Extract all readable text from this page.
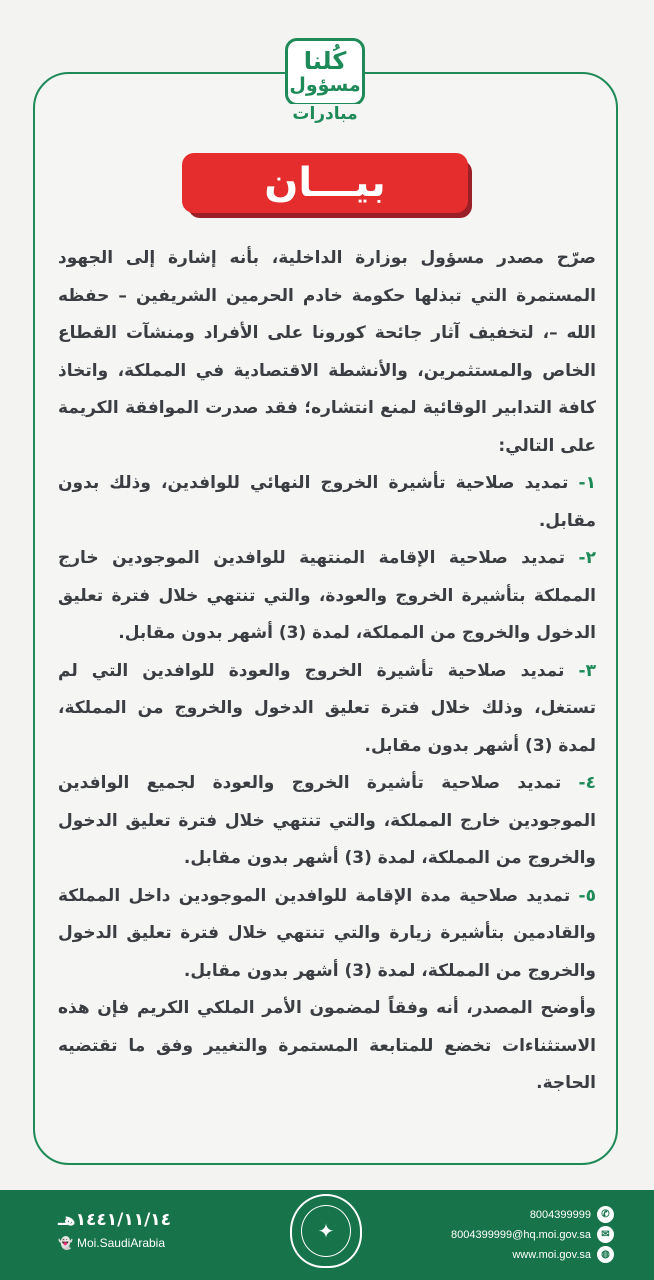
كُلنا
مسؤول
مبادرات
بيـــان

صرّح مصدر مسؤول بوزارة الداخلية، بأنه إشارة إلى الجهود المستمرة التي تبذلها حكومة خادم الحرمين الشريفين – حفظه الله –، لتخفيف آثار جائحة كورونا على الأفراد ومنشآت القطاع الخاص والمستثمرين، والأنشطة الاقتصادية في المملكة، واتخاذ كافة التدابير الوقائية لمنع انتشاره؛ فقد صدرت الموافقة الكريمة على التالي:

١- تمديد صلاحية تأشيرة الخروج النهائي للوافدين، وذلك بدون مقابل.

٢- تمديد صلاحية الإقامة المنتهية للوافدين الموجودين خارج المملكة بتأشيرة الخروج والعودة، والتي تنتهي خلال فترة تعليق الدخول والخروج من المملكة، لمدة (3) أشهر بدون مقابل.

٣- تمديد صلاحية تأشيرة الخروج والعودة للوافدين التي لم تستغل، وذلك خلال فترة تعليق الدخول والخروج من المملكة، لمدة (3) أشهر بدون مقابل.

٤- تمديد صلاحية تأشيرة الخروج والعودة لجميع الوافدين الموجودين خارج المملكة، والتي تنتهي خلال فترة تعليق الدخول والخروج من المملكة، لمدة (3) أشهر بدون مقابل.

٥- تمديد صلاحية مدة الإقامة للوافدين الموجودين داخل المملكة والقادمين بتأشيرة زيارة والتي تنتهي خلال فترة تعليق الدخول والخروج من المملكة، لمدة (3) أشهر بدون مقابل.

وأوضح المصدر، أنه وفقاً لمضمون الأمر الملكي الكريم فإن هذه الاستثناءات تخضع للمتابعة المستمرة والتغيير وفق ما تقتضيه الحاجة.

١٤٤١/١١/١٤هـ
👻 Moi.SaudiArabia	✦
8004399999	✆
8004399999@hq.moi.gov.sa	✉
www.moi.gov.sa	◍
